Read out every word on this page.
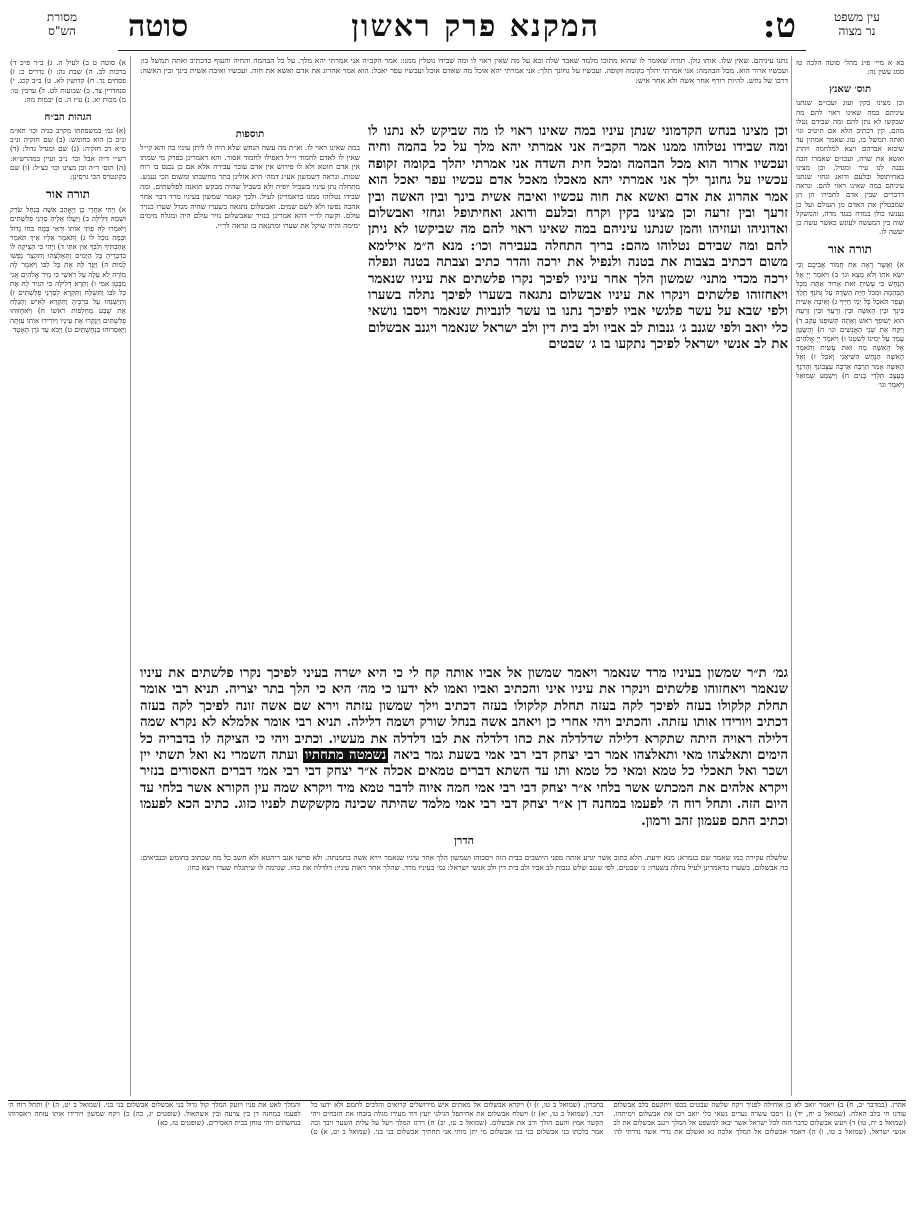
עין משפט
נר מצוה
ט:
המקנא פרק ראשון
סוטה
מסורת
הש"ס
בא א מיי׳ פ״ג מהל׳ סוטה הלכה טז סמג עשין נה:
תוס׳ שאנץ
וכן מצינו בקין ועוג ועכו״ם שנתנו עיניהם במה שאינו ראוי להם מה שבקשו לא נתן להם ומה שבידם נטלו מהם. קין דכתיב הלא אם תיטיב וגו׳ ואתה תמשל בו, עוג שאמר אמתין עד שיבוא אברהם ויצא למלחמה ויהרג ואשא את שרה, ועכו״ם שאמרו הבה נבנה לנו עיר ומגדל. וכן מצינו באחיתופל ובלעם ודואג וגחזי שנתנו עיניהם במה שאינו ראוי להם. ונראה דדברים שבין אדם לחבירו הן הן שמבטלין את האדם מן העולם ועל כן נענשו כולן במדה כנגד מדה, והמשקל שוה בין המעשה לעונש כאשר עשה כן יעשה לו.
תורה אור
א) וַאֲשֶׁר רָאָה אֵת חֲמוֹר אֲבִיכֶם וְכִי יִשָּׂא אֹתוֹ וְלֹא מָצָא וגו׳ ב) וַיֹּאמֶר יְיָ אֶל הַנָּחָשׁ כִּי עָשִׂיתָ זֹּאת אָרוּר אַתָּה מִכָּל הַבְּהֵמָה וּמִכֹּל חַיַּת הַשָּׂדֶה עַל גְּחֹנְךָ תֵלֵךְ וְעָפָר תֹּאכַל כָּל יְמֵי חַיֶּיךָ ג) וְאֵיבָה אָשִׁית בֵּינְךָ וּבֵין הָאִשָּׁה וּבֵין זַרְעֲךָ וּבֵין זַרְעָהּ הוּא יְשׁוּפְךָ רֹאשׁ וְאַתָּה תְּשׁוּפֶנּוּ עָקֵב ד) וַיִּקַּח אֶת שְׁנֵי הָאֲנָשִׁים וגו׳ ה) וְהַשָּׂטָן עָמַד עַל יְמִינוֹ לְשִׂטְנוֹ ו) וַיֹּאמֶר יְיָ אֱלֹהִים אֶל הָאִשָּׁה מַה זֹּאת עָשִׂית וַתֹּאמֶר הָאִשָּׁה הַנָּחָשׁ הִשִּׁיאַנִי וָאֹכֵל ז) וְאֶל הָאִשָּׁה אָמַר הַרְבָּה אַרְבֶּה עִצְּבוֹנֵךְ וְהֵרֹנֵךְ בְּעֶצֶב תֵּלְדִי בָנִים ח) וַיִּשְׁמַע שְׁמוּאֵל וַיֹּאמֶר וגו׳
נתנו עיניהם. שאין שלו. אותו גולן. תורה שאומר לו שהוא מתוכו מלמד שאבד שלה ובא על מה שאין ראוי לו ומה שבידו נוטלין ממנו: אמר הקב״ה אני אמרתי יהא מלך. על כל הבהמה והחיה והעוף כדכתיב ואתה תמשל בו: ועכשיו ארור הוא. מכל הבהמה: אני אמרתי יהלך בקומה זקופה. ועכשיו על גחונך תלך: אני אמרתי יהא אוכל מה שאדם אוכל ועכשיו עפר יאכל: הוא אמר אהרוג את אדם ואשא את חוה. ועכשיו ואיבה אשית בינך ובין האשה: דרכו של נחש. להיות רודף אחר אשה ולא אחר איש:
וכן מצינו בנחש הקדמוני שנתן עיניו במה שאינו ראוי לו מה שביקש לא נתנו לו ומה שבידו נטלוהו ממנו אמר הקב״ה אני אמרתי יהא מלך על כל בהמה וחיה ועכשיו ארור הוא מכל הבהמה ומכל חית השדה אני אמרתי יהלך בקומה זקופה עכשיו על גחונך ילך אני אמרתי יהא מאכלו מאכל אדם עכשיו עפר יאכל הוא אמר אהרוג את אדם ואשא את חוה עכשיו ואיבה אשית בינך ובין האשה ובין זרעך ובין זרעה וכן מצינו בקין וקרח ובלעם ודואג ואחיתופל וגחזי ואבשלום ואדוניהו ועוזיהו והמן שנתנו עיניהם במה שאינו ראוי להם מה שביקשו לא ניתן להם ומה שבידם נטלוהו מהם: בריך התחלה בעבירה וכו׳: מנא ה״מ אילימא משום דכתיב בצבות את בטנה ולנפיל את ירכה והדר כתיב וצבתה בטנה ונפלה ירכה מכדי מתני׳ שמשון הלך אחר עיניו לפיכך נקרו פלשתים את עיניו שנאמר ויאחזוהו פלשתים וינקרו את עיניו אבשלום נתגאה בשערו לפיכך נתלה בשערו ולפי שבא על עשר פלגשי אביו לפיכך נתנו בו עשר לונביות שנאמר ויסבו נושאי כלי יואב ולפי שגנב ג׳ גנבות לב אביו ולב בית דין ולב ישראל שנאמר ויגנב אבשלום את לב אנשי ישראל לפיכך נתקעו בו ג׳ שבטים
תוספות
במה שאינו ראוי לו. וא״ת מה עשה הנחש שלא היה לו ליתן עיניו בה והא קי״ל שאין לו לאדם לחמוד וי״ל דאפילו לחמוד אסור. והא דאמרינן בפרק מי שמתו אין אדם חוטא ולא לו פירוש אין אדם עובר עבירה אלא אם כן נכנס בו רוח שטות. ונראה דשמשון אע״ג דמה׳ היא אזלינן בתר מחשבתו ומשום הכי נענש. מתחלה נתן עיניו בשביל יופיה ולא בשביל שהיה מבקש תואנה לפלשתים. ומה שבידו נטלוהו ממנו כדאמרינן לעיל. ולכך קאמר שמשון בעיניו מרד דבר אחר אהבה נפשו ולא לשם שמים. ואבשלום נתגאה בשערו שהיה מגדל שערו כנזיר עולם. וקשה לר״י דהא אמרינן בנזיר שאבשלום נזיר עולם היה ומגלח מימים ימימה והיה שוקל את שערו ומתגאה בו ונראה לר״י.
גמ׳ ת״ר שמשון בעיניו מרד שנאמר ויאמר שמשון אל אביו אותה קח לי כי היא ישרה בעיני לפיכך נקרו פלשתים את עיניו שנאמר ויאחזוהו פלשתים וינקרו את עיניו איני והכתיב ואביו ואמו לא ידעו כי מה׳ היא כי הלך בתר יצריה. תניא רבי אומר תחלת קלקולו בעזה לפיכך לקה בעזה תחלת קלקולו בעזה דכתיב וילך שמשון עזתה וירא שם אשה זונה לפיכך לקה בעזה דכתיב ויורידו אותו עזתה. והכתיב ויהי אחרי כן ויאהב אשה בנחל שורק ושמה דלילה. תניא רבי אומר אלמלא לא נקרא שמה דלילה ראויה היתה שתקרא דלילה שדלדלה את כחו דלדלה את לבו דלדלה את מעשיו. וכתיב ויהי כי הציקה לו בדבריה כל הימים ותאלצהו מאי ותאלצהו אמר רבי יצחק דבי רבי אמי בשעת גמר ביאה נשמטה מתחתיו ועתה השמרי נא ואל תשתי יין ושכר ואל תאכלי כל טמא ומאי כל טמא ותו עד השתא דברים טמאים אכלה א״ר יצחק דבי רבי אמי דברים האסורים בנזיר ויקרא אלהים את המכתש אשר בלחי א״ר יצחק דבי רבי אמי חמה איוה לדבר טמא מיד ויקרא שמה עין הקורא אשר בלחי עד היום הזה. ותחל רוח ה׳ לפעמו במחנה דן א״ר יצחק דבי רבי אמי מלמד שהיתה שכינה מקשקשת לפניו כזוג. כתיב הכא לפעמו וכתיב התם פעמון זהב ורמון.
הדרן
שלשלת עקירה כמו שאמר שם בגמרא: מנא ידעת. הלא כתוב אשר יגרע אותה מפני היושבים בבית הזה ויסבוהו ושמשון הלך אחר עיניו שנאמר וירא אשה בתמנתה. ולא פרשו אגב ריהטא ולא חשב כל מה שכתוב בחומש ובנביאים: בה אבשלום. בשערו כדאמרינן לעיל נתלה בשערו: ג׳ שבטים. לפי שגנב שלש גנבות לב אביו ולב בית דין ולב אנשי ישראל: גמ׳ בעיניו מרד. שהלך אחר ראות עיניו: דלדלה את כחו. שגרמה לו שיתגלח שערו ויצא כחו:
א) סוטה ט ב) לעיל ה. ג) ב״ר פ״כ ד) ברכות לב. ה) שבת נה: ו) נדרים כ: ז) פסחים נד. ח) קדושין לא. ט) ב״ב קכג. י) סנהדרין צד. כ) שבועות לט. ל) ערכין טו: מ) מכות יא. נ) ע״ז ה. ס) יבמות מה:
הגהות הב״ח
(א) גמ׳ במשפחתו מקרב בניה וכו׳ תא״מ ונ״ב כן הוא בחומש: (ב) שם חזקיה ונ״ב ס״א רב חזקיה: (ג) שם ומגדל גדול: (ד) רש״י ד״ה אבל וכו׳ נ״ב ועיין במהרש״א: (ה) תוס׳ ד״ה וכן מצינו וכו׳ כצ״ל: (ו) שם בקונטרס הכי גרסינן:
תורה אור
א) וַיְהִי אַחֲרֵי כֵן וַיֶּאֱהַב אִשָּׁה בְּנַחַל שֹׂרֵק וּשְׁמָהּ דְּלִילָה ב) וַיַּעֲלוּ אֵלֶיהָ סַרְנֵי פְלִשְׁתִּים וַיֹּאמְרוּ לָהּ פַּתִּי אוֹתוֹ וּרְאִי בַּמֶּה כֹּחוֹ גָדוֹל וּבַמֶּה נוּכַל לוֹ ג) וַתֹּאמֶר אֵלָיו אֵיךְ תֹּאמַר אֲהַבְתִּיךְ וְלִבְּךָ אֵין אִתִּי ד) וַיְהִי כִּי הֵצִיקָה לּוֹ בִדְבָרֶיהָ כָּל הַיָּמִים וַתְּאַלְצֵהוּ וַתִּקְצַר נַפְשׁוֹ לָמוּת ה) וַיַּגֶּד לָהּ אֶת כָּל לִבּוֹ וַיֹּאמֶר לָהּ מוֹרָה לֹא עָלָה עַל רֹאשִׁי כִּי נְזִיר אֱלֹהִים אֲנִי מִבֶּטֶן אִמִּי ו) וַתֵּרֶא דְלִילָה כִּי הִגִּיד לָהּ אֶת כָּל לִבּוֹ וַתִּשְׁלַח וַתִּקְרָא לְסַרְנֵי פְלִשְׁתִּים ז) וַתְּיַשְּׁנֵהוּ עַל בִּרְכֶּיהָ וַתִּקְרָא לָאִישׁ וַתְּגַלַּח אֶת שֶׁבַע מַחְלְפוֹת רֹאשׁוֹ ח) וַיֹּאחֲזוּהוּ פְלִשְׁתִּים וַיְנַקְּרוּ אֶת עֵינָיו וַיּוֹרִידוּ אוֹתוֹ עַזָּתָה וַיַּאַסְרוּהוּ בַּנְחֻשְׁתַּיִם ט) וַיָּבֹא עַד גֹּרֶן הָאָטָד
אהרן. (במדבר יב, ח) ב) ויאמר יואב לא כן אוחילה לפניך ויקח שלשה שבטים בכפו ויתקעם בלב אבשלום עודנו חי בלב האלה. (שמואל ב יח, יד) ג) ויסבו עשרה נערים נשאי כלי יואב ויכו את אבשלום וימיתהו. (שמואל ב יח, טו) ד) ויעש אבשלום כדבר הזה לכל ישראל אשר יבאו למשפט אל המלך ויגנב אבשלום את לב אנשי ישראל. (שמואל ב טו, ו) ה) ויאמר אבשלום אל המלך אלכה נא ואשלם את נדרי אשר נדרתי לה׳ בחברון. (שמואל ב טו, ז) ו) ויקרא אבשלום אל מאתים איש מירושלים קרואים והלכים לתמם ולא ידעו כל דבר. (שמואל ב טו, יא) ז) וישלח אבשלום את אחיתפל הגילני יועץ דוד מעירו מגלה בזבחו את הזבחים ויהי הקשר אמץ והעם הולך ורב את אבשלום. (שמואל ב טו, יב) ח) וירגז המלך ויעל על עלית השער ויבך וכה אמר בלכתו בני אבשלום בני בני אבשלום מי יתן מותי אני תחתיך אבשלום בני בני. (שמואל ב יט, א) ט) והמלך לאט את פניו ויזעק המלך קול גדול בני אבשלום אבשלום בני בני. (שמואל ב יט, ה) י) ותחל רוח ה׳ לפעמו במחנה דן בין צרעה ובין אשתאול. (שופטים יג, כה) כ) ויקח שמשון ויורידו אותו עזתה ויאסרוהו בנחשתים ויהי טוחן בבית האסירים. (שופטים טז, כא)
